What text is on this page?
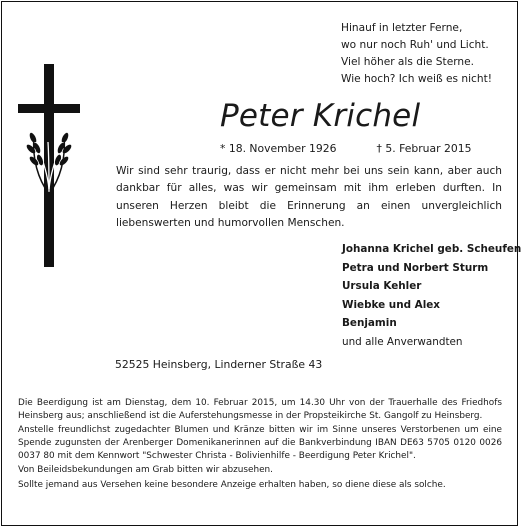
Hinauf in letzter Ferne,
wo nur noch Ruh' und Licht.
Viel höher als die Sterne.
Wie hoch? Ich weiß es nicht!
Peter Krichel
* 18. November 1926	† 5. Februar 2015
Wir sind sehr traurig, dass er nicht mehr bei uns sein kann, aber auch dankbar für alles, was wir gemeinsam mit ihm erleben durften. In unseren Herzen bleibt die Erinnerung an einen unvergleichlich liebenswerten und humorvollen Menschen.
Johanna Krichel geb. Scheufen
Petra und Norbert Sturm
Ursula Kehler
Wiebke und Alex
Benjamin
und alle Anverwandten
52525 Heinsberg, Linderner Straße 43

Die Beerdigung ist am Dienstag, dem 10. Februar 2015, um 14.30 Uhr von der Trauerhalle des Friedhofs Heinsberg aus; anschließend ist die Auferstehungsmesse in der Propsteikirche St. Gangolf zu Heinsberg.

Anstelle freundlichst zugedachter Blumen und Kränze bitten wir im Sinne unseres Verstorbenen um eine Spende zugunsten der Arenberger Domenikanerinnen auf die Bankverbindung IBAN DE63 5705 0120 0026 0037 80 mit dem Kennwort "Schwester Christa - Bolivienhilfe - Beerdigung Peter Krichel".

Von Beileidsbekundungen am Grab bitten wir abzusehen.

Sollte jemand aus Versehen keine besondere Anzeige erhalten haben, so diene diese als solche.
